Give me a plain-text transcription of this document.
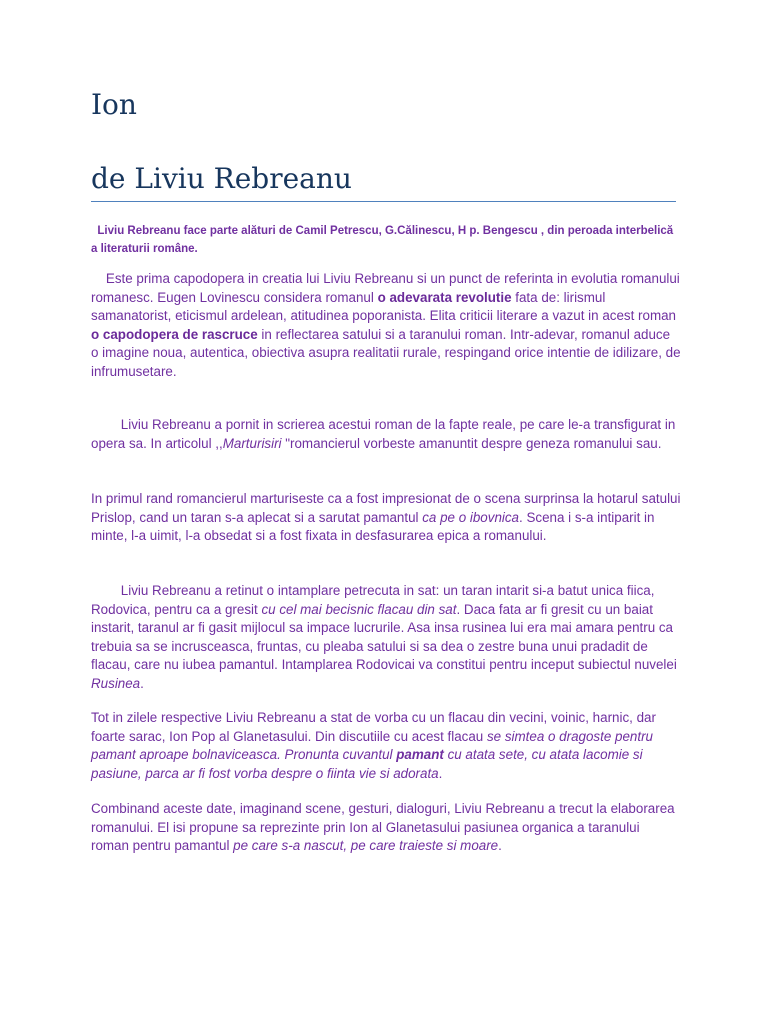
Ion
de Liviu Rebreanu

Liviu Rebreanu face parte alături de Camil Petrescu, G.Călinescu, H p. Bengescu , din peroada interbelică a literaturii române.

Este prima capodopera in creatia lui Liviu Rebreanu si un punct de referinta in evolutia romanului romanesc. Eugen Lovinescu considera romanul o adevarata revolutie fata de: lirismul samanatorist, eticismul ardelean, atitudinea poporanista. Elita criticii literare a vazut in acest roman o capodopera de rascruce in reflectarea satului si a taranului roman. Intr-adevar, romanul aduce o imagine noua, autentica, obiectiva asupra realitatii rurale, respingand orice intentie de idilizare, de infrumusetare.

Liviu Rebreanu a pornit in scrierea acestui roman de la fapte reale, pe care le-a transfigurat in opera sa. In articolul ,,Marturisiri "romancierul vorbeste amanuntit despre geneza romanului sau.

In primul rand romancierul marturiseste ca a fost impresionat de o scena surprinsa la hotarul satului Prislop, cand un taran s-a aplecat si a sarutat pamantul ca pe o ibovnica. Scena i s-a intiparit in minte, l-a uimit, l-a obsedat si a fost fixata in desfasurarea epica a romanului.

Liviu Rebreanu a retinut o intamplare petrecuta in sat: un taran intarit si-a batut unica fiica, Rodovica, pentru ca a gresit cu cel mai becisnic flacau din sat. Daca fata ar fi gresit cu un baiat instarit, taranul ar fi gasit mijlocul sa impace lucrurile. Asa insa rusinea lui era mai amara pentru ca trebuia sa se incrusceasca, fruntas, cu pleaba satului si sa dea o zestre buna unui pradadit de flacau, care nu iubea pamantul. Intamplarea Rodovicai va constitui pentru inceput subiectul nuvelei Rusinea.

Tot in zilele respective Liviu Rebreanu a stat de vorba cu un flacau din vecini, voinic, harnic, dar foarte sarac, Ion Pop al Glanetasului. Din discutiile cu acest flacau se simtea o dragoste pentru pamant aproape bolnaviceasca. Pronunta cuvantul pamant cu atata sete, cu atata lacomie si pasiune, parca ar fi fost vorba despre o fiinta vie si adorata.

Combinand aceste date, imaginand scene, gesturi, dialoguri, Liviu Rebreanu a trecut la elaborarea romanului. El isi propune sa reprezinte prin Ion al Glanetasului pasiunea organica a taranului roman pentru pamantul pe care s-a nascut, pe care traieste si moare.
